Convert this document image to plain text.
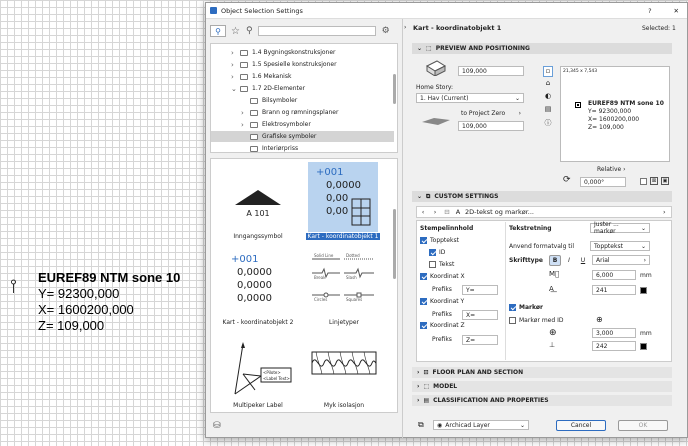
EUREF89 NTM sone 10
Y= 92300,000
X= 1600200,000
Z= 109,000
Object Selection Settings	?	✕
⚲	☆ ⚲	⚙
›	1.4 Bygningskonstruksjoner
›	1.5 Spesielle konstruksjoner
›	1.6 Mekanisk
⌄	1.7 2D-Elementer
Bilsymboler
›	Brann og rømningsplaner
›	Elektrosymboler
Grafiske symboler
Interiørpriss
A 101
Inngangssymbol
+001
0,0000
0,00
0,00
Kart - koordinatobjekt 1
+001
0,0000
0,0000
0,0000
Kart - koordinatobjekt 2
Solid Line	Dotted
Break	Slash
Circles	Squares
Linjetyper
<Pilote>
<Label Text>
Multipeker Label	Myk isolasjon
⛁
› Kart - koordinatobjekt 1	Selected: 1
⌄ ⬚ PREVIEW AND POSITIONING
109,000
Home Story:
1. Hav (Current)	⌄
to Project Zero ›
109,000
▫
⌂
◐
▤
ⓘ
21,345 x 7,543
EUREF89 NTM sone 10
Y= 92300,000
X= 1600200,000
Z= 109,000
Relative ›
⟳	0,000°	⊠	▣
⌄ ⧉ CUSTOM SETTINGS
‹	›	⊟ A 2D-tekst og markør...	›
Stempelinnhold
Topptekst
ID
Tekst
Koordinat X
Prefiks	Y=
Koordinat Y
Prefiks	X=
Koordinat Z
Prefiks	Z=
Tekstretning
Juster ... markør	⌄
Anvend formatvalg til	Topptekst	⌄
Skrifttype	B	I	U	Arial	›
M⃞	6,000	mm
A͟	241
Markør
Markør med ID	⊕
⊕	3,000	mm
⊥	242
› ⊡ FLOOR PLAN AND SECTION
› ⬚ MODEL
› ▤ CLASSIFICATION AND PROPERTIES
⧉ ◉ Archicad Layer	⌄	Cancel	OK
